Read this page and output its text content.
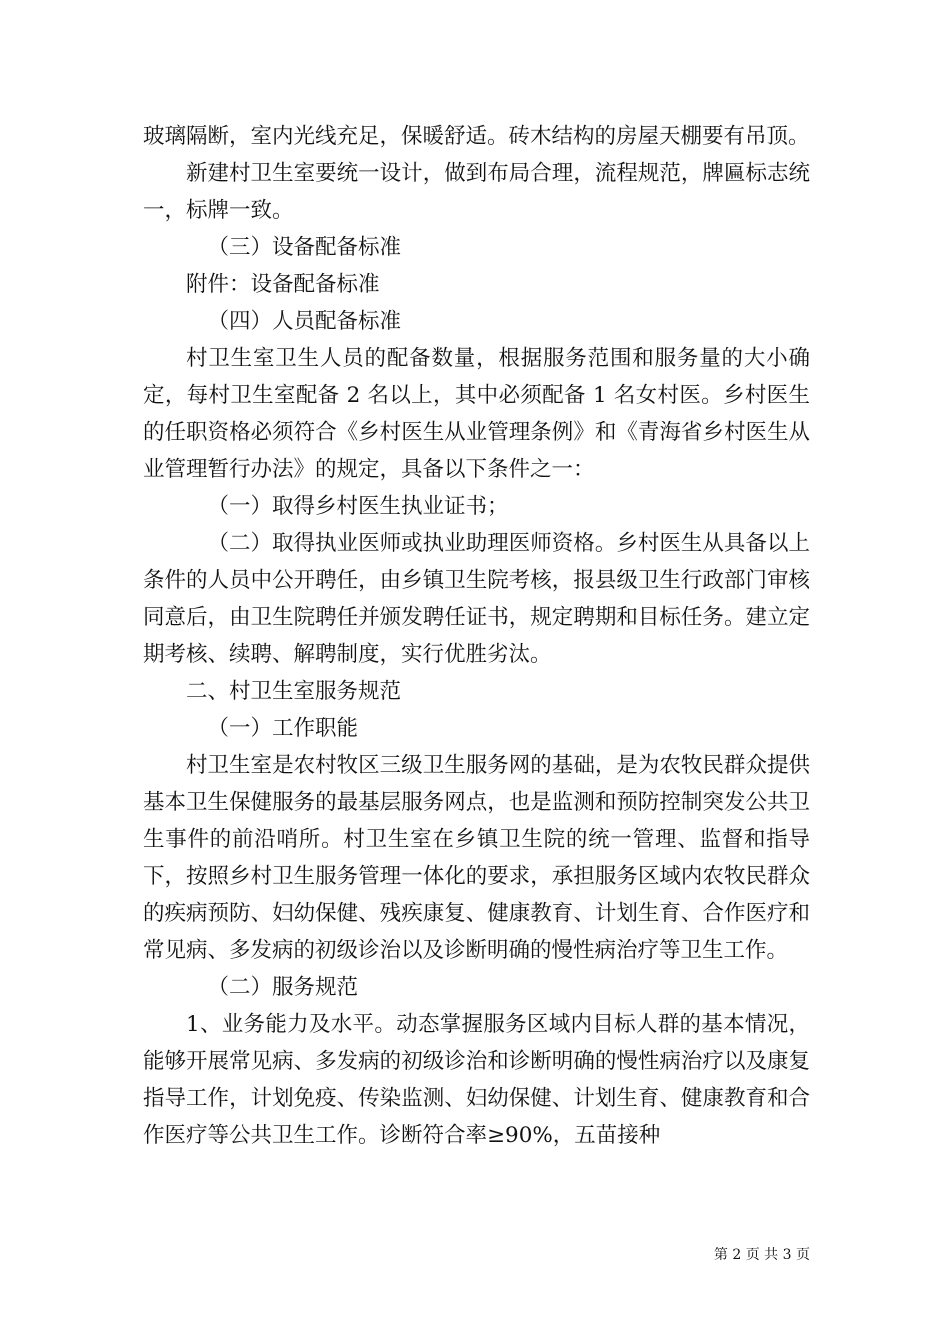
玻璃隔断，室内光线充足，保暖舒适。砖木结构的房屋天棚要有吊顶。

新建村卫生室要统一设计，做到布局合理，流程规范，牌匾标志统一，标牌一致。

（三）设备配备标准

附件：设备配备标准

（四）人员配备标准

村卫生室卫生人员的配备数量，根据服务范围和服务量的大小确定，每村卫生室配备 2 名以上，其中必须配备 1 名女村医。乡村医生的任职资格必须符合《乡村医生从业管理条例》和《青海省乡村医生从业管理暂行办法》的规定，具备以下条件之一：

（一）取得乡村医生执业证书；

（二）取得执业医师或执业助理医师资格。乡村医生从具备以上条件的人员中公开聘任，由乡镇卫生院考核，报县级卫生行政部门审核同意后，由卫生院聘任并颁发聘任证书，规定聘期和目标任务。建立定期考核、续聘、解聘制度，实行优胜劣汰。

二、村卫生室服务规范

（一）工作职能

村卫生室是农村牧区三级卫生服务网的基础，是为农牧民群众提供基本卫生保健服务的最基层服务网点，也是监测和预防控制突发公共卫生事件的前沿哨所。村卫生室在乡镇卫生院的统一管理、监督和指导下，按照乡村卫生服务管理一体化的要求，承担服务区域内农牧民群众的疾病预防、妇幼保健、残疾康复、健康教育、计划生育、合作医疗和常见病、多发病的初级诊治以及诊断明确的慢性病治疗等卫生工作。

（二）服务规范

1、业务能力及水平。动态掌握服务区域内目标人群的基本情况，能够开展常见病、多发病的初级诊治和诊断明确的慢性病治疗以及康复指导工作，计划免疫、传染监测、妇幼保健、计划生育、健康教育和合作医疗等公共卫生工作。诊断符合率≥90%，五苗接种

第 2 页 共 3 页
